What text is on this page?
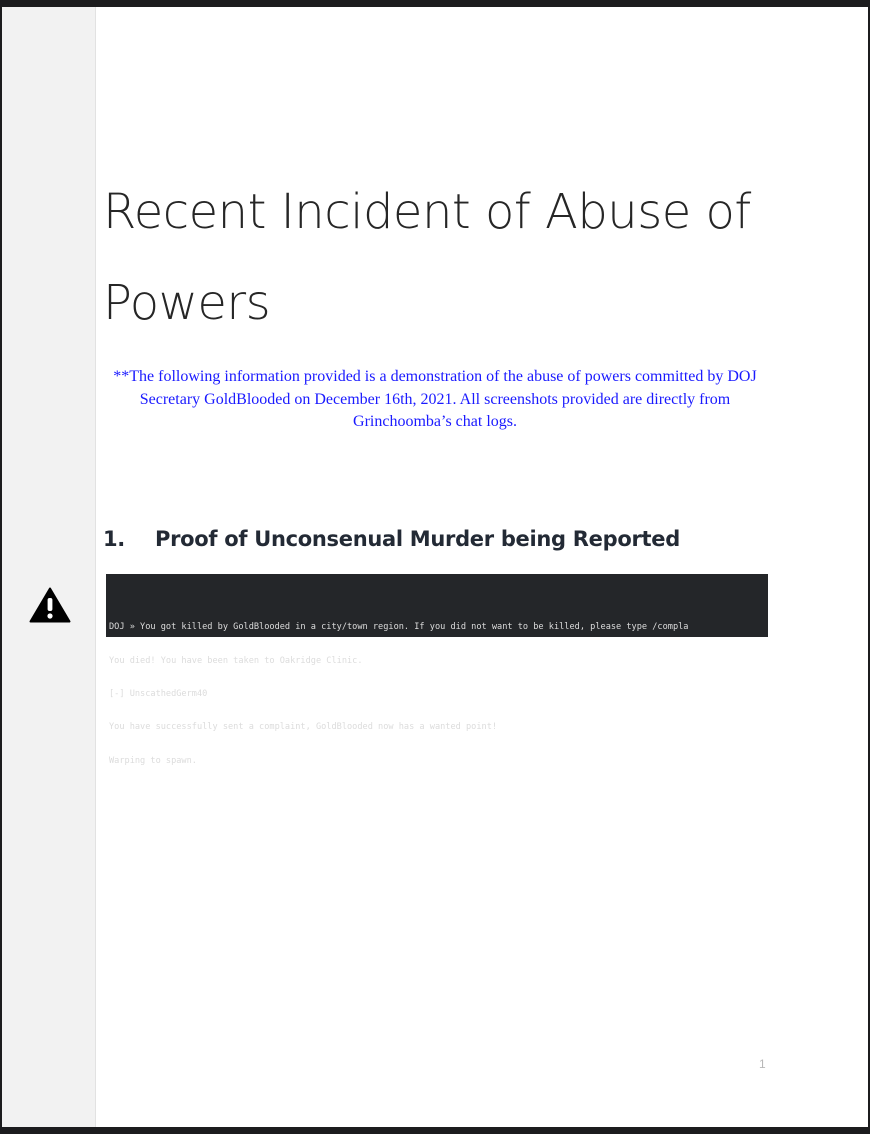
Recent Incident of Abuse of Powers

**The following information provided is a demonstration of the abuse of powers committed by DOJ Secretary GoldBlooded on December 16th, 2021. All screenshots provided are directly from Grinchoomba’s chat logs.

1. Proof of Unconsenual Murder being Reported

DOJ » You got killed by GoldBlooded in a city/town region. If you did not want to be killed, please type /compla

You died! You have been taken to Oakridge Clinic.

[-] UnscathedGerm40

You have successfully sent a complaint, GoldBlooded now has a wanted point!

Warping to spawn.

1
